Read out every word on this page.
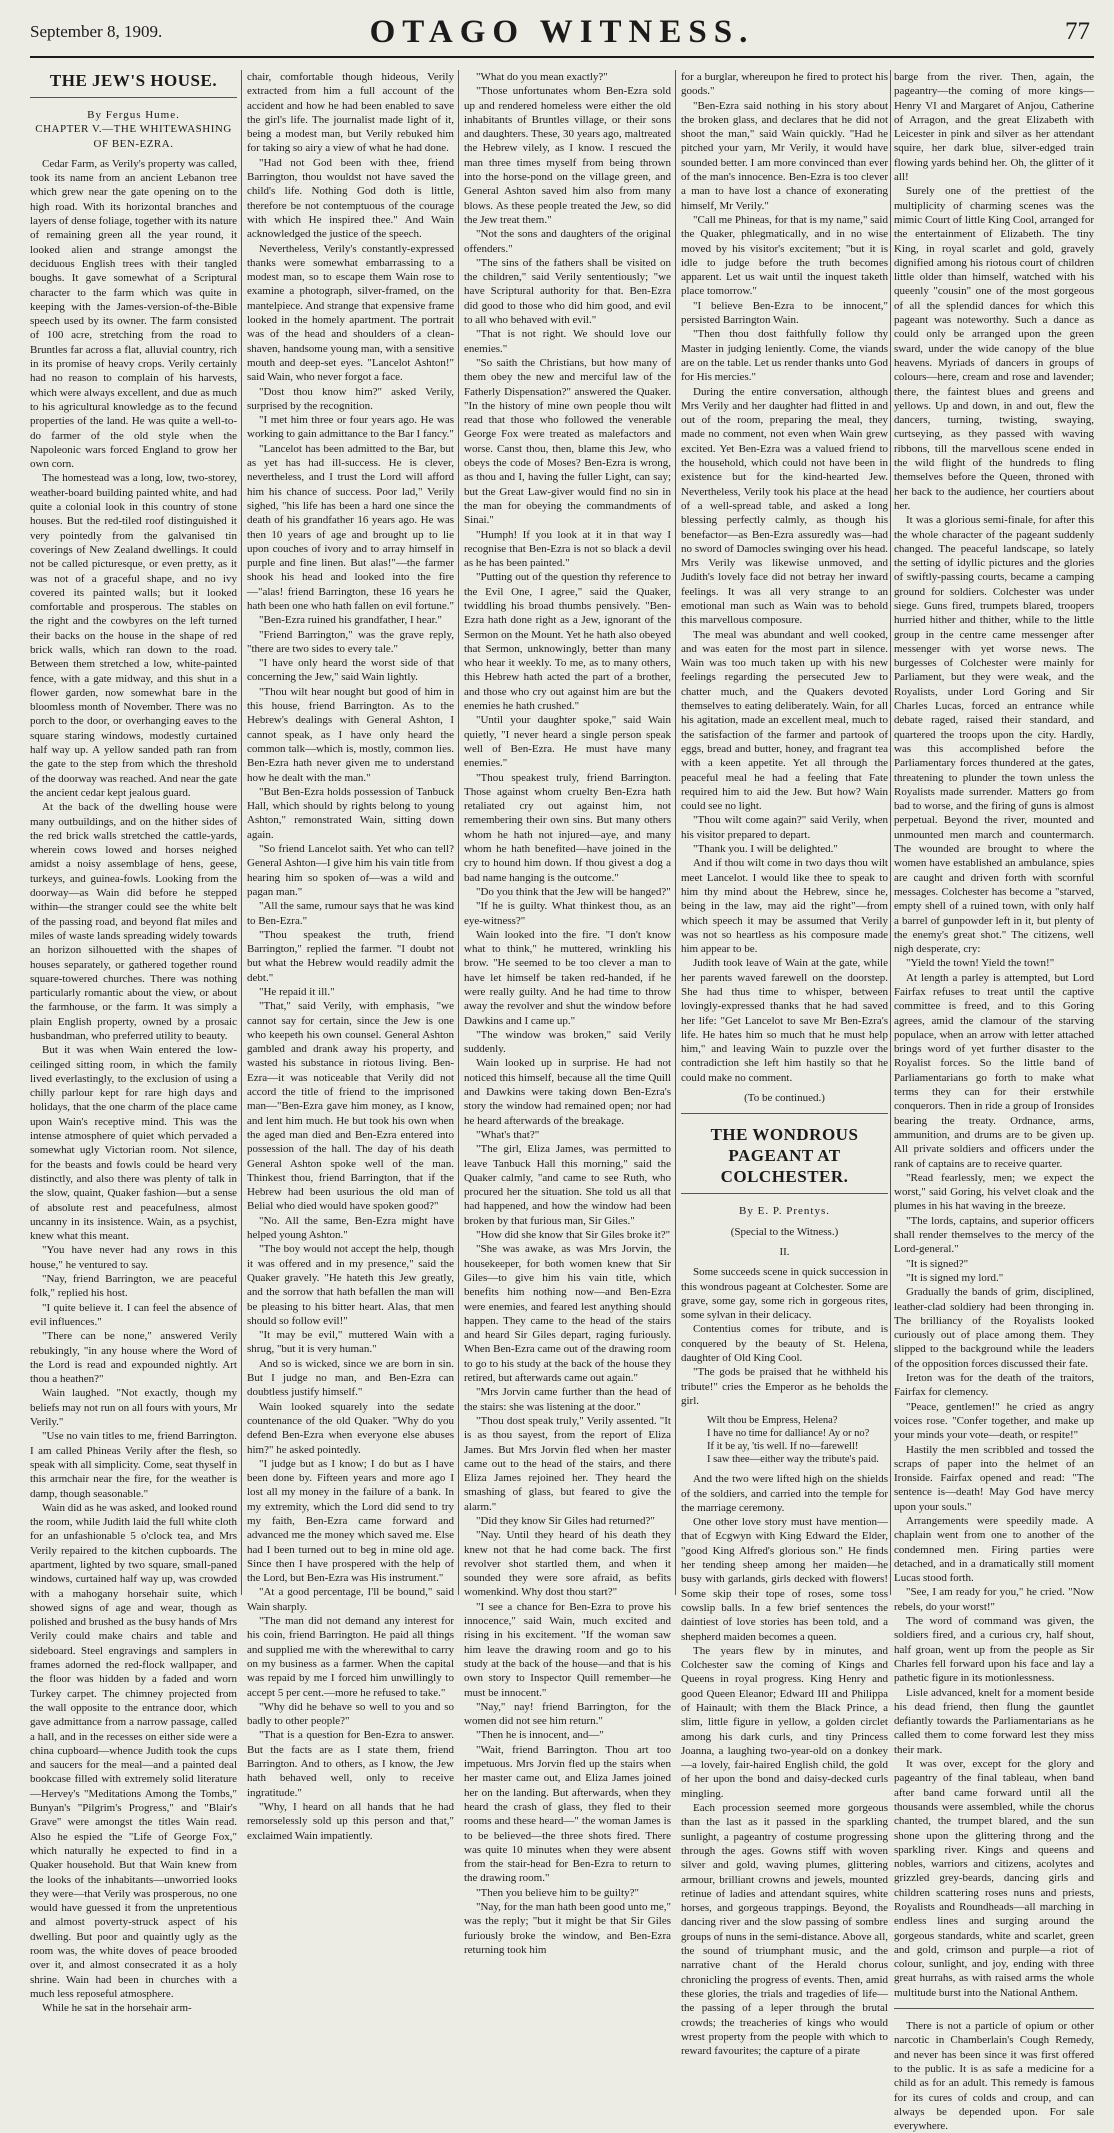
September 8, 1909.	OTAGO WITNESS.	77
THE JEW'S HOUSE.

By Fergus Hume.

CHAPTER V.—THE WHITEWASHING OF BEN-EZRA.

Cedar Farm, as Verily's property was called, took its name from an ancient Lebanon tree which grew near the gate opening on to the high road. With its horizontal branches and layers of dense foliage, together with its nature of remaining green all the year round, it looked alien and strange amongst the deciduous English trees with their tangled boughs. It gave somewhat of a Scriptural character to the farm which was quite in keeping with the James-version-of-the-Bible speech used by its owner. The farm consisted of 100 acre, stretching from the road to Bruntles far across a flat, alluvial country, rich in its promise of heavy crops. Verily certainly had no reason to complain of his harvests, which were always excellent, and due as much to his agricultural knowledge as to the fecund properties of the land. He was quite a well-to-do farmer of the old style when the Napoleonic wars forced England to grow her own corn.

The homestead was a long, low, two-storey, weather-board building painted white, and had quite a colonial look in this country of stone houses. But the red-tiled roof distinguished it very pointedly from the galvanised tin coverings of New Zealand dwellings. It could not be called picturesque, or even pretty, as it was not of a graceful shape, and no ivy covered its painted walls; but it looked comfortable and prosperous. The stables on the right and the cowbyres on the left turned their backs on the house in the shape of red brick walls, which ran down to the road. Between them stretched a low, white-painted fence, with a gate midway, and this shut in a flower garden, now somewhat bare in the bloomless month of November. There was no porch to the door, or overhanging eaves to the square staring windows, modestly curtained half way up. A yellow sanded path ran from the gate to the step from which the threshold of the doorway was reached. And near the gate the ancient cedar kept jealous guard.

At the back of the dwelling house were many outbuildings, and on the hither sides of the red brick walls stretched the cattle-yards, wherein cows lowed and horses neighed amidst a noisy assemblage of hens, geese, turkeys, and guinea-fowls. Looking from the doorway—as Wain did before he stepped within—the stranger could see the white belt of the passing road, and beyond flat miles and miles of waste lands spreading widely towards an horizon silhouetted with the shapes of houses separately, or gathered together round square-towered churches. There was nothing particularly romantic about the view, or about the farmhouse, or the farm. It was simply a plain English property, owned by a prosaic husbandman, who preferred utility to beauty.

But it was when Wain entered the low-ceilinged sitting room, in which the family lived everlastingly, to the exclusion of using a chilly parlour kept for rare high days and holidays, that the one charm of the place came upon Wain's receptive mind. This was the intense atmosphere of quiet which pervaded a somewhat ugly Victorian room. Not silence, for the beasts and fowls could be heard very distinctly, and also there was plenty of talk in the slow, quaint, Quaker fashion—but a sense of absolute rest and peacefulness, almost uncanny in its insistence. Wain, as a psychist, knew what this meant.

"You have never had any rows in this house," he ventured to say.

"Nay, friend Barrington, we are peaceful folk," replied his host.

"I quite believe it. I can feel the absence of evil influences."

"There can be none," answered Verily rebukingly, "in any house where the Word of the Lord is read and expounded nightly. Art thou a heathen?"

Wain laughed. "Not exactly, though my beliefs may not run on all fours with yours, Mr Verily."

"Use no vain titles to me, friend Barrington. I am called Phineas Verily after the flesh, so speak with all simplicity. Come, seat thyself in this armchair near the fire, for the weather is damp, though seasonable."

Wain did as he was asked, and looked round the room, while Judith laid the full white cloth for an unfashionable 5 o'clock tea, and Mrs Verily repaired to the kitchen cupboards. The apartment, lighted by two square, small-paned windows, curtained half way up, was crowded with a mahogany horsehair suite, which showed signs of age and wear, though as polished and brushed as the busy hands of Mrs Verily could make chairs and table and sideboard. Steel engravings and samplers in frames adorned the red-flock wallpaper, and the floor was hidden by a faded and worn Turkey carpet. The chimney projected from the wall opposite to the entrance door, which gave admittance from a narrow passage, called a hall, and in the recesses on either side were a china cupboard—whence Judith took the cups and saucers for the meal—and a painted deal bookcase filled with extremely solid literature—Hervey's "Meditations Among the Tombs," Bunyan's "Pilgrim's Progress," and "Blair's Grave" were amongst the titles Wain read. Also he espied the "Life of George Fox," which naturally he expected to find in a Quaker household. But that Wain knew from the looks of the inhabitants—unworried looks they were—that Verily was prosperous, no one would have guessed it from the unpretentious and almost poverty-struck aspect of his dwelling. But poor and quaintly ugly as the room was, the white doves of peace brooded over it, and almost consecrated it as a holy shrine. Wain had been in churches with a much less reposeful atmosphere.

While he sat in the horsehair arm-

chair, comfortable though hideous, Verily extracted from him a full account of the accident and how he had been enabled to save the girl's life. The journalist made light of it, being a modest man, but Verily rebuked him for taking so airy a view of what he had done.

"Had not God been with thee, friend Barrington, thou wouldst not have saved the child's life. Nothing God doth is little, therefore be not contemptuous of the courage with which He inspired thee." And Wain acknowledged the justice of the speech.

Nevertheless, Verily's constantly-expressed thanks were somewhat embarrassing to a modest man, so to escape them Wain rose to examine a photograph, silver-framed, on the mantelpiece. And strange that expensive frame looked in the homely apartment. The portrait was of the head and shoulders of a clean-shaven, handsome young man, with a sensitive mouth and deep-set eyes. "Lancelot Ashton!" said Wain, who never forgot a face.

"Dost thou know him?" asked Verily, surprised by the recognition.

"I met him three or four years ago. He was working to gain admittance to the Bar I fancy."

"Lancelot has been admitted to the Bar, but as yet has had ill-success. He is clever, nevertheless, and I trust the Lord will afford him his chance of success. Poor lad," Verily sighed, "his life has been a hard one since the death of his grandfather 16 years ago. He was then 10 years of age and brought up to lie upon couches of ivory and to array himself in purple and fine linen. But alas!"—the farmer shook his head and looked into the fire—"alas! friend Barrington, these 16 years he hath been one who hath fallen on evil fortune."

"Ben-Ezra ruined his grandfather, I hear."

"Friend Barrington," was the grave reply, "there are two sides to every tale."

"I have only heard the worst side of that concerning the Jew," said Wain lightly.

"Thou wilt hear nought but good of him in this house, friend Barrington. As to the Hebrew's dealings with General Ashton, I cannot speak, as I have only heard the common talk—which is, mostly, common lies. Ben-Ezra hath never given me to understand how he dealt with the man."

"But Ben-Ezra holds possession of Tanbuck Hall, which should by rights belong to young Ashton," remonstrated Wain, sitting down again.

"So friend Lancelot saith. Yet who can tell? General Ashton—I give him his vain title from hearing him so spoken of—was a wild and pagan man."

"All the same, rumour says that he was kind to Ben-Ezra."

"Thou speakest the truth, friend Barrington," replied the farmer. "I doubt not but what the Hebrew would readily admit the debt."

"He repaid it ill."

"That," said Verily, with emphasis, "we cannot say for certain, since the Jew is one who keepeth his own counsel. General Ashton gambled and drank away his property, and wasted his substance in riotous living. Ben-Ezra—it was noticeable that Verily did not accord the title of friend to the imprisoned man—"Ben-Ezra gave him money, as I know, and lent him much. He but took his own when the aged man died and Ben-Ezra entered into possession of the hall. The day of his death General Ashton spoke well of the man. Thinkest thou, friend Barrington, that if the Hebrew had been usurious the old man of Belial who died would have spoken good?"

"No. All the same, Ben-Ezra might have helped young Ashton."

"The boy would not accept the help, though it was offered and in my presence," said the Quaker gravely. "He hateth this Jew greatly, and the sorrow that hath befallen the man will be pleasing to his bitter heart. Alas, that men should so follow evil!"

"It may be evil," muttered Wain with a shrug, "but it is very human."

And so is wicked, since we are born in sin. But I judge no man, and Ben-Ezra can doubtless justify himself."

Wain looked squarely into the sedate countenance of the old Quaker. "Why do you defend Ben-Ezra when everyone else abuses him?" he asked pointedly.

"I judge but as I know; I do but as I have been done by. Fifteen years and more ago I lost all my money in the failure of a bank. In my extremity, which the Lord did send to try my faith, Ben-Ezra came forward and advanced me the money which saved me. Else had I been turned out to beg in mine old age. Since then I have prospered with the help of the Lord, but Ben-Ezra was His instrument."

"At a good percentage, I'll be bound," said Wain sharply.

"The man did not demand any interest for his coin, friend Barrington. He paid all things and supplied me with the wherewithal to carry on my business as a farmer. When the capital was repaid by me I forced him unwillingly to accept 5 per cent.—more he refused to take."

"Why did he behave so well to you and so badly to other people?"

"That is a question for Ben-Ezra to answer. But the facts are as I state them, friend Barrington. And to others, as I know, the Jew hath behaved well, only to receive ingratitude."

"Why, I heard on all hands that he had remorselessly sold up this person and that," exclaimed Wain impatiently.

"What do you mean exactly?"

"Those unfortunates whom Ben-Ezra sold up and rendered homeless were either the old inhabitants of Bruntles village, or their sons and daughters. These, 30 years ago, maltreated the Hebrew vilely, as I know. I rescued the man three times myself from being thrown into the horse-pond on the village green, and General Ashton saved him also from many blows. As these people treated the Jew, so did the Jew treat them."

"Not the sons and daughters of the original offenders."

"The sins of the fathers shall be visited on the children," said Verily sententiously; "we have Scriptural authority for that. Ben-Ezra did good to those who did him good, and evil to all who behaved with evil."

"That is not right. We should love our enemies."

"So saith the Christians, but how many of them obey the new and merciful law of the Fatherly Dispensation?" answered the Quaker. "In the history of mine own people thou wilt read that those who followed the venerable George Fox were treated as malefactors and worse. Canst thou, then, blame this Jew, who obeys the code of Moses? Ben-Ezra is wrong, as thou and I, having the fuller Light, can say; but the Great Law-giver would find no sin in the man for obeying the commandments of Sinai."

"Humph! If you look at it in that way I recognise that Ben-Ezra is not so black a devil as he has been painted."

"Putting out of the question thy reference to the Evil One, I agree," said the Quaker, twiddling his broad thumbs pensively. "Ben-Ezra hath done right as a Jew, ignorant of the Sermon on the Mount. Yet he hath also obeyed that Sermon, unknowingly, better than many who hear it weekly. To me, as to many others, this Hebrew hath acted the part of a brother, and those who cry out against him are but the enemies he hath crushed."

"Until your daughter spoke," said Wain quietly, "I never heard a single person speak well of Ben-Ezra. He must have many enemies."

"Thou speakest truly, friend Barrington. Those against whom cruelty Ben-Ezra hath retaliated cry out against him, not remembering their own sins. But many others whom he hath not injured—aye, and many whom he hath benefited—have joined in the cry to hound him down. If thou givest a dog a bad name hanging is the outcome."

"Do you think that the Jew will be hanged?"

"If he is guilty. What thinkest thou, as an eye-witness?"

Wain looked into the fire. "I don't know what to think," he muttered, wrinkling his brow. "He seemed to be too clever a man to have let himself be taken red-handed, if he were really guilty. And he had time to throw away the revolver and shut the window before Dawkins and I came up."

"The window was broken," said Verily suddenly.

Wain looked up in surprise. He had not noticed this himself, because all the time Quill and Dawkins were taking down Ben-Ezra's story the window had remained open; nor had he heard afterwards of the breakage.

"What's that?"

"The girl, Eliza James, was permitted to leave Tanbuck Hall this morning," said the Quaker calmly, "and came to see Ruth, who procured her the situation. She told us all that had happened, and how the window had been broken by that furious man, Sir Giles."

"How did she know that Sir Giles broke it?"

"She was awake, as was Mrs Jorvin, the housekeeper, for both women knew that Sir Giles—to give him his vain title, which benefits him nothing now—and Ben-Ezra were enemies, and feared lest anything should happen. They came to the head of the stairs and heard Sir Giles depart, raging furiously. When Ben-Ezra came out of the drawing room to go to his study at the back of the house they retired, but afterwards came out again."

"Mrs Jorvin came further than the head of the stairs: she was listening at the door."

"Thou dost speak truly," Verily assented. "It is as thou sayest, from the report of Eliza James. But Mrs Jorvin fled when her master came out to the head of the stairs, and there Eliza James rejoined her. They heard the smashing of glass, but feared to give the alarm."

"Did they know Sir Giles had returned?"

"Nay. Until they heard of his death they knew not that he had come back. The first revolver shot startled them, and when it sounded they were sore afraid, as befits womenkind. Why dost thou start?"

"I see a chance for Ben-Ezra to prove his innocence," said Wain, much excited and rising in his excitement. "If the woman saw him leave the drawing room and go to his study at the back of the house—and that is his own story to Inspector Quill remember—he must be innocent."

"Nay," nay! friend Barrington, for the women did not see him return."

"Then he is innocent, and—"

"Wait, friend Barrington. Thou art too impetuous. Mrs Jorvin fled up the stairs when her master came out, and Eliza James joined her on the landing. But afterwards, when they heard the crash of glass, they fled to their rooms and these heard—" the woman James is to be believed—the three shots fired. There was quite 10 minutes when they were absent from the stair-head for Ben-Ezra to return to the drawing room."

"Then you believe him to be guilty?"

"Nay, for the man hath been good unto me," was the reply; "but it might be that Sir Giles furiously broke the window, and Ben-Ezra returning took him

for a burglar, whereupon he fired to protect his goods."

"Ben-Ezra said nothing in his story about the broken glass, and declares that he did not shoot the man," said Wain quickly. "Had he pitched your yarn, Mr Verily, it would have sounded better. I am more convinced than ever of the man's innocence. Ben-Ezra is too clever a man to have lost a chance of exonerating himself, Mr Verily."

"Call me Phineas, for that is my name," said the Quaker, phlegmatically, and in no wise moved by his visitor's excitement; "but it is idle to judge before the truth becomes apparent. Let us wait until the inquest taketh place tomorrow."

"I believe Ben-Ezra to be innocent," persisted Barrington Wain.

"Then thou dost faithfully follow thy Master in judging leniently. Come, the viands are on the table. Let us render thanks unto God for His mercies."

During the entire conversation, although Mrs Verily and her daughter had flitted in and out of the room, preparing the meal, they made no comment, not even when Wain grew excited. Yet Ben-Ezra was a valued friend to the household, which could not have been in existence but for the kind-hearted Jew. Nevertheless, Verily took his place at the head of a well-spread table, and asked a long blessing perfectly calmly, as though his benefactor—as Ben-Ezra assuredly was—had no sword of Damocles swinging over his head. Mrs Verily was likewise unmoved, and Judith's lovely face did not betray her inward feelings. It was all very strange to an emotional man such as Wain was to behold this marvellous composure.

The meal was abundant and well cooked, and was eaten for the most part in silence. Wain was too much taken up with his new feelings regarding the persecuted Jew to chatter much, and the Quakers devoted themselves to eating deliberately. Wain, for all his agitation, made an excellent meal, much to the satisfaction of the farmer and partook of eggs, bread and butter, honey, and fragrant tea with a keen appetite. Yet all through the peaceful meal he had a feeling that Fate required him to aid the Jew. But how? Wain could see no light.

"Thou wilt come again?" said Verily, when his visitor prepared to depart.

"Thank you. I will be delighted."

And if thou wilt come in two days thou wilt meet Lancelot. I would like thee to speak to him thy mind about the Hebrew, since he, being in the law, may aid the right"—from which speech it may be assumed that Verily was not so heartless as his composure made him appear to be.

Judith took leave of Wain at the gate, while her parents waved farewell on the doorstep. She had thus time to whisper, between lovingly-expressed thanks that he had saved her life: "Get Lancelot to save Mr Ben-Ezra's life. He hates him so much that he must help him," and leaving Wain to puzzle over the contradiction she left him hastily so that he could make no comment.

(To be continued.)
THE WONDROUS PAGEANT AT COLCHESTER.

By E. P. Prentys.

(Special to the Witness.)
II.

Some succeeds scene in quick succession in this wondrous pageant at Colchester. Some are grave, some gay, some rich in gorgeous rites, some sylvan in their delicacy.

Contentius comes for tribute, and is conquered by the beauty of St. Helena, daughter of Old King Cool.

"The gods be praised that he withheld his tribute!" cries the Emperor as he beholds the girl.

Wilt thou be Empress, Helena?

I have no time for dalliance! Ay or no?

If it be ay, 'tis well. If no—farewell!

I saw thee—either way the tribute's paid.

And the two were lifted high on the shields of the soldiers, and carried into the temple for the marriage ceremony.

One other love story must have mention—that of Ecgwyn with King Edward the Elder, "good King Alfred's glorious son." He finds her tending sheep among her maiden—he busy with garlands, girls decked with flowers! Some skip their tope of roses, some toss cowslip balls. In a few brief sentences the daintiest of love stories has been told, and a shepherd maiden becomes a queen.

The years flew by in minutes, and Colchester saw the coming of Kings and Queens in royal progress. King Henry and good Queen Eleanor; Edward III and Philippa of Hainault; with them the Black Prince, a slim, little figure in yellow, a golden circlet among his dark curls, and tiny Princess Joanna, a laughing two-year-old on a donkey—a lovely, fair-haired English child, the gold of her upon the bond and daisy-decked curls mingling.

Each procession seemed more gorgeous than the last as it passed in the sparkling sunlight, a pageantry of costume progressing through the ages. Gowns stiff with woven silver and gold, waving plumes, glittering armour, brilliant crowns and jewels, mounted retinue of ladies and attendant squires, white horses, and gorgeous trappings. Beyond, the dancing river and the slow passing of sombre groups of nuns in the semi-distance. Above all, the sound of triumphant music, and the narrative chant of the Herald chorus chronicling the progress of events. Then, amid these glories, the trials and tragedies of life—the passing of a leper through the brutal crowds; the treacheries of kings who would wrest property from the people with which to reward favourites; the capture of a pirate

barge from the river. Then, again, the pageantry—the coming of more kings—Henry VI and Margaret of Anjou, Catherine of Arragon, and the great Elizabeth with Leicester in pink and silver as her attendant squire, her dark blue, silver-edged train flowing yards behind her. Oh, the glitter of it all!

Surely one of the prettiest of the multiplicity of charming scenes was the mimic Court of little King Cool, arranged for the entertainment of Elizabeth. The tiny King, in royal scarlet and gold, gravely dignified among his riotous court of children little older than himself, watched with his queenly "cousin" one of the most gorgeous of all the splendid dances for which this pageant was noteworthy. Such a dance as could only be arranged upon the green sward, under the wide canopy of the blue heavens. Myriads of dancers in groups of colours—here, cream and rose and lavender; there, the faintest blues and greens and yellows. Up and down, in and out, flew the dancers, turning, twisting, swaying, curtseying, as they passed with waving ribbons, till the marvellous scene ended in the wild flight of the hundreds to fling themselves before the Queen, throned with her back to the audience, her courtiers about her.

It was a glorious semi-finale, for after this the whole character of the pageant suddenly changed. The peaceful landscape, so lately the setting of idyllic pictures and the glories of swiftly-passing courts, became a camping ground for soldiers. Colchester was under siege. Guns fired, trumpets blared, troopers hurried hither and thither, while to the little group in the centre came messenger after messenger with yet worse news. The burgesses of Colchester were mainly for Parliament, but they were weak, and the Royalists, under Lord Goring and Sir Charles Lucas, forced an entrance while debate raged, raised their standard, and quartered the troops upon the city. Hardly, was this accomplished before the Parliamentary forces thundered at the gates, threatening to plunder the town unless the Royalists made surrender. Matters go from bad to worse, and the firing of guns is almost perpetual. Beyond the river, mounted and unmounted men march and countermarch. The wounded are brought to where the women have established an ambulance, spies are caught and driven forth with scornful messages. Colchester has become a "starved, empty shell of a ruined town, with only half a barrel of gunpowder left in it, but plenty of the enemy's great shot." The citizens, well nigh desperate, cry:

"Yield the town! Yield the town!"

At length a parley is attempted, but Lord Fairfax refuses to treat until the captive committee is freed, and to this Goring agrees, amid the clamour of the starving populace, when an arrow with letter attached brings word of yet further disaster to the Royalist forces. So the little band of Parliamentarians go forth to make what terms they can for their erstwhile conquerors. Then in ride a group of Ironsides bearing the treaty. Ordnance, arms, ammunition, and drums are to be given up. All private soldiers and officers under the rank of captains are to receive quarter.

"Read fearlessly, men; we expect the worst," said Goring, his velvet cloak and the plumes in his hat waving in the breeze.

"The lords, captains, and superior officers shall render themselves to the mercy of the Lord-general."

"It is signed?"

"It is signed my lord."

Gradually the bands of grim, disciplined, leather-clad soldiery had been thronging in. The brilliancy of the Royalists looked curiously out of place among them. They slipped to the background while the leaders of the opposition forces discussed their fate.

Ireton was for the death of the traitors, Fairfax for clemency.

"Peace, gentlemen!" he cried as angry voices rose. "Confer together, and make up your minds your vote—death, or respite!"

Hastily the men scribbled and tossed the scraps of paper into the helmet of an Ironside. Fairfax opened and read: "The sentence is—death! May God have mercy upon your souls."

Arrangements were speedily made. A chaplain went from one to another of the condemned men. Firing parties were detached, and in a dramatically still moment Lucas stood forth.

"See, I am ready for you," he cried. "Now rebels, do your worst!"

The word of command was given, the soldiers fired, and a curious cry, half shout, half groan, went up from the people as Sir Charles fell forward upon his face and lay a pathetic figure in its motionlessness.

Lisle advanced, knelt for a moment beside his dead friend, then flung the gauntlet defiantly towards the Parliamentarians as he called them to come forward lest they miss their mark.

It was over, except for the glory and pageantry of the final tableau, when band after band came forward until all the thousands were assembled, while the chorus chanted, the trumpet blared, and the sun shone upon the glittering throng and the sparkling river. Kings and queens and nobles, warriors and citizens, acolytes and grizzled grey-beards, dancing girls and children scattering roses nuns and priests, Royalists and Roundheads—all marching in endless lines and surging around the gorgeous standards, white and scarlet, green and gold, crimson and purple—a riot of colour, sunlight, and joy, ending with three great hurrahs, as with raised arms the whole multitude burst into the National Anthem.

There is not a particle of opium or other narcotic in Chamberlain's Cough Remedy, and never has been since it was first offered to the public. It is as safe a medicine for a child as for an adult. This remedy is famous for its cures of colds and croup, and can always be depended upon. For sale everywhere.
